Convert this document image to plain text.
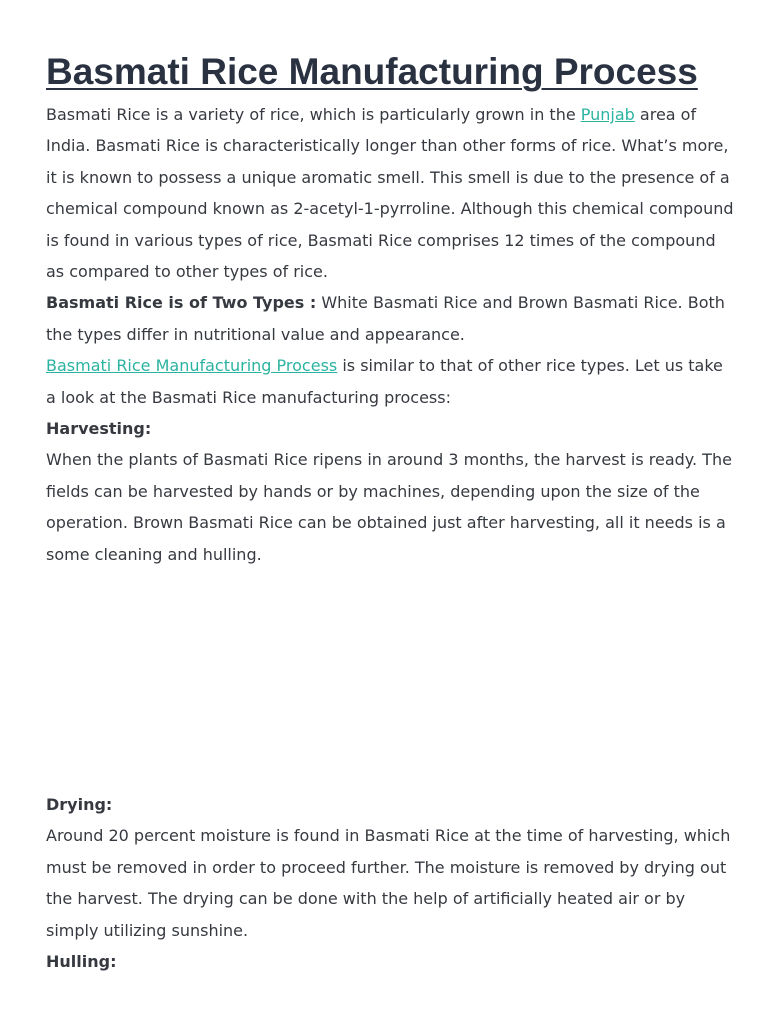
Basmati Rice Manufacturing Process

Basmati Rice is a variety of rice, which is particularly grown in the Punjab area of India. Basmati Rice is characteristically longer than other forms of rice. What’s more, it is known to possess a unique aromatic smell. This smell is due to the presence of a chemical compound known as 2-acetyl-1-pyrroline. Although this chemical compound is found in various types of rice, Basmati Rice comprises 12 times of the compound as compared to other types of rice.

Basmati Rice is of Two Types : White Basmati Rice and Brown Basmati Rice. Both the types differ in nutritional value and appearance.

Basmati Rice Manufacturing Process is similar to that of other rice types. Let us take a look at the Basmati Rice manufacturing process:

Harvesting:

When the plants of Basmati Rice ripens in around 3 months, the harvest is ready. The fields can be harvested by hands or by machines, depending upon the size of the operation. Brown Basmati Rice can be obtained just after harvesting, all it needs is a some cleaning and hulling.

Drying:

Around 20 percent moisture is found in Basmati Rice at the time of harvesting, which must be removed in order to proceed further. The moisture is removed by drying out the harvest. The drying can be done with the help of artificially heated air or by simply utilizing sunshine.

Hulling:
